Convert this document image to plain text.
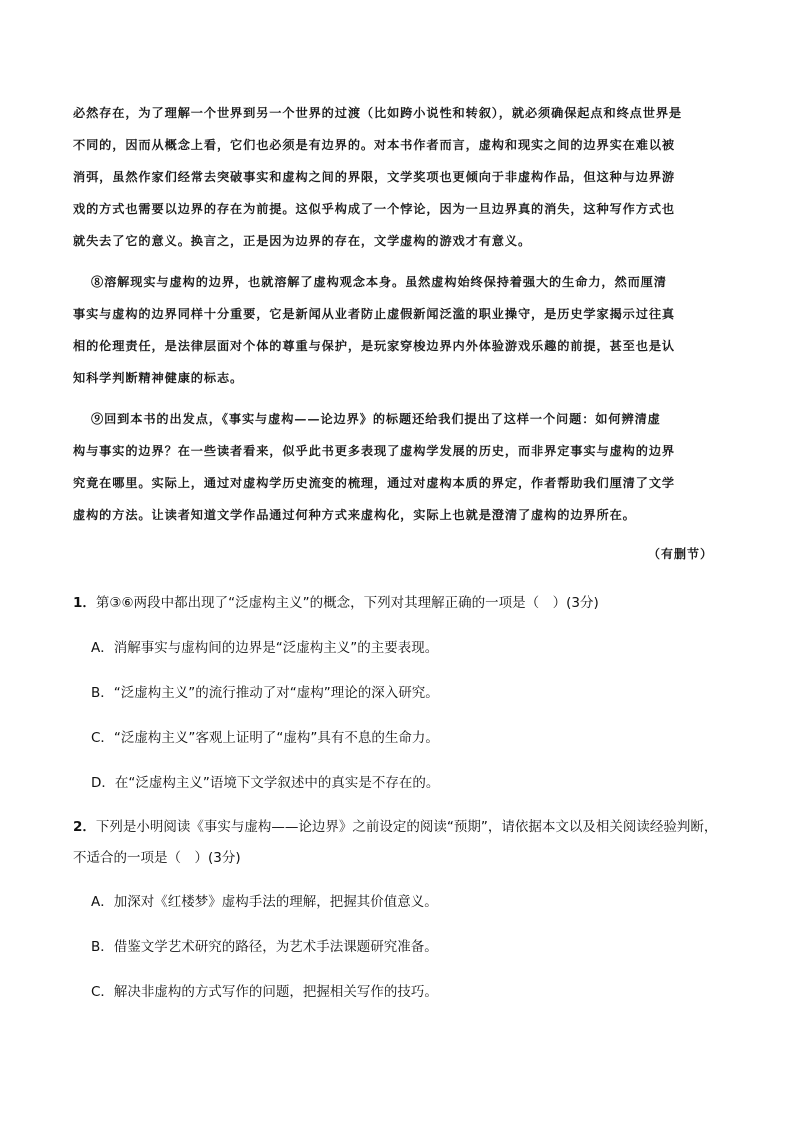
必然存在，为了理解一个世界到另一个世界的过渡（比如跨小说性和转叙），就必须确保起点和终点世界是

不同的，因而从概念上看，它们也必须是有边界的。对本书作者而言，虚构和现实之间的边界实在难以被

消弭，虽然作家们经常去突破事实和虚构之间的界限，文学奖项也更倾向于非虚构作品，但这种与边界游

戏的方式也需要以边界的存在为前提。这似乎构成了一个悖论，因为一旦边界真的消失，这种写作方式也

就失去了它的意义。换言之，正是因为边界的存在，文学虚构的游戏才有意义。

⑧溶解现实与虚构的边界，也就溶解了虚构观念本身。虽然虚构始终保持着强大的生命力，然而厘清

事实与虚构的边界同样十分重要，它是新闻从业者防止虚假新闻泛滥的职业操守，是历史学家揭示过往真

相的伦理责任，是法律层面对个体的尊重与保护，是玩家穿梭边界内外体验游戏乐趣的前提，甚至也是认

知科学判断精神健康的标志。

⑨回到本书的出发点，《事实与虚构——论边界》的标题还给我们提出了这样一个问题：如何辨清虚

构与事实的边界？在一些读者看来，似乎此书更多表现了虚构学发展的历史，而非界定事实与虚构的边界

究竟在哪里。实际上，通过对虚构学历史流变的梳理，通过对虚构本质的界定，作者帮助我们厘清了文学

虚构的方法。让读者知道文学作品通过何种方式来虚构化，实际上也就是澄清了虚构的边界所在。

（有删节）
1．第③⑥两段中都出现了“泛虚构主义”的概念，下列对其理解正确的一项是（　）(3分)
A．消解事实与虚构间的边界是“泛虚构主义”的主要表现。
B．“泛虚构主义”的流行推动了对“虚构”理论的深入研究。
C．“泛虚构主义”客观上证明了“虚构”具有不息的生命力。
D．在“泛虚构主义”语境下文学叙述中的真实是不存在的。
2．下列是小明阅读《事实与虚构——论边界》之前设定的阅读“预期”，请依据本文以及相关阅读经验判断，
不适合的一项是（　）(3分)
A．加深对《红楼梦》虚构手法的理解，把握其价值意义。
B．借鉴文学艺术研究的路径，为艺术手法课题研究准备。
C．解决非虚构的方式写作的问题，把握相关写作的技巧。
